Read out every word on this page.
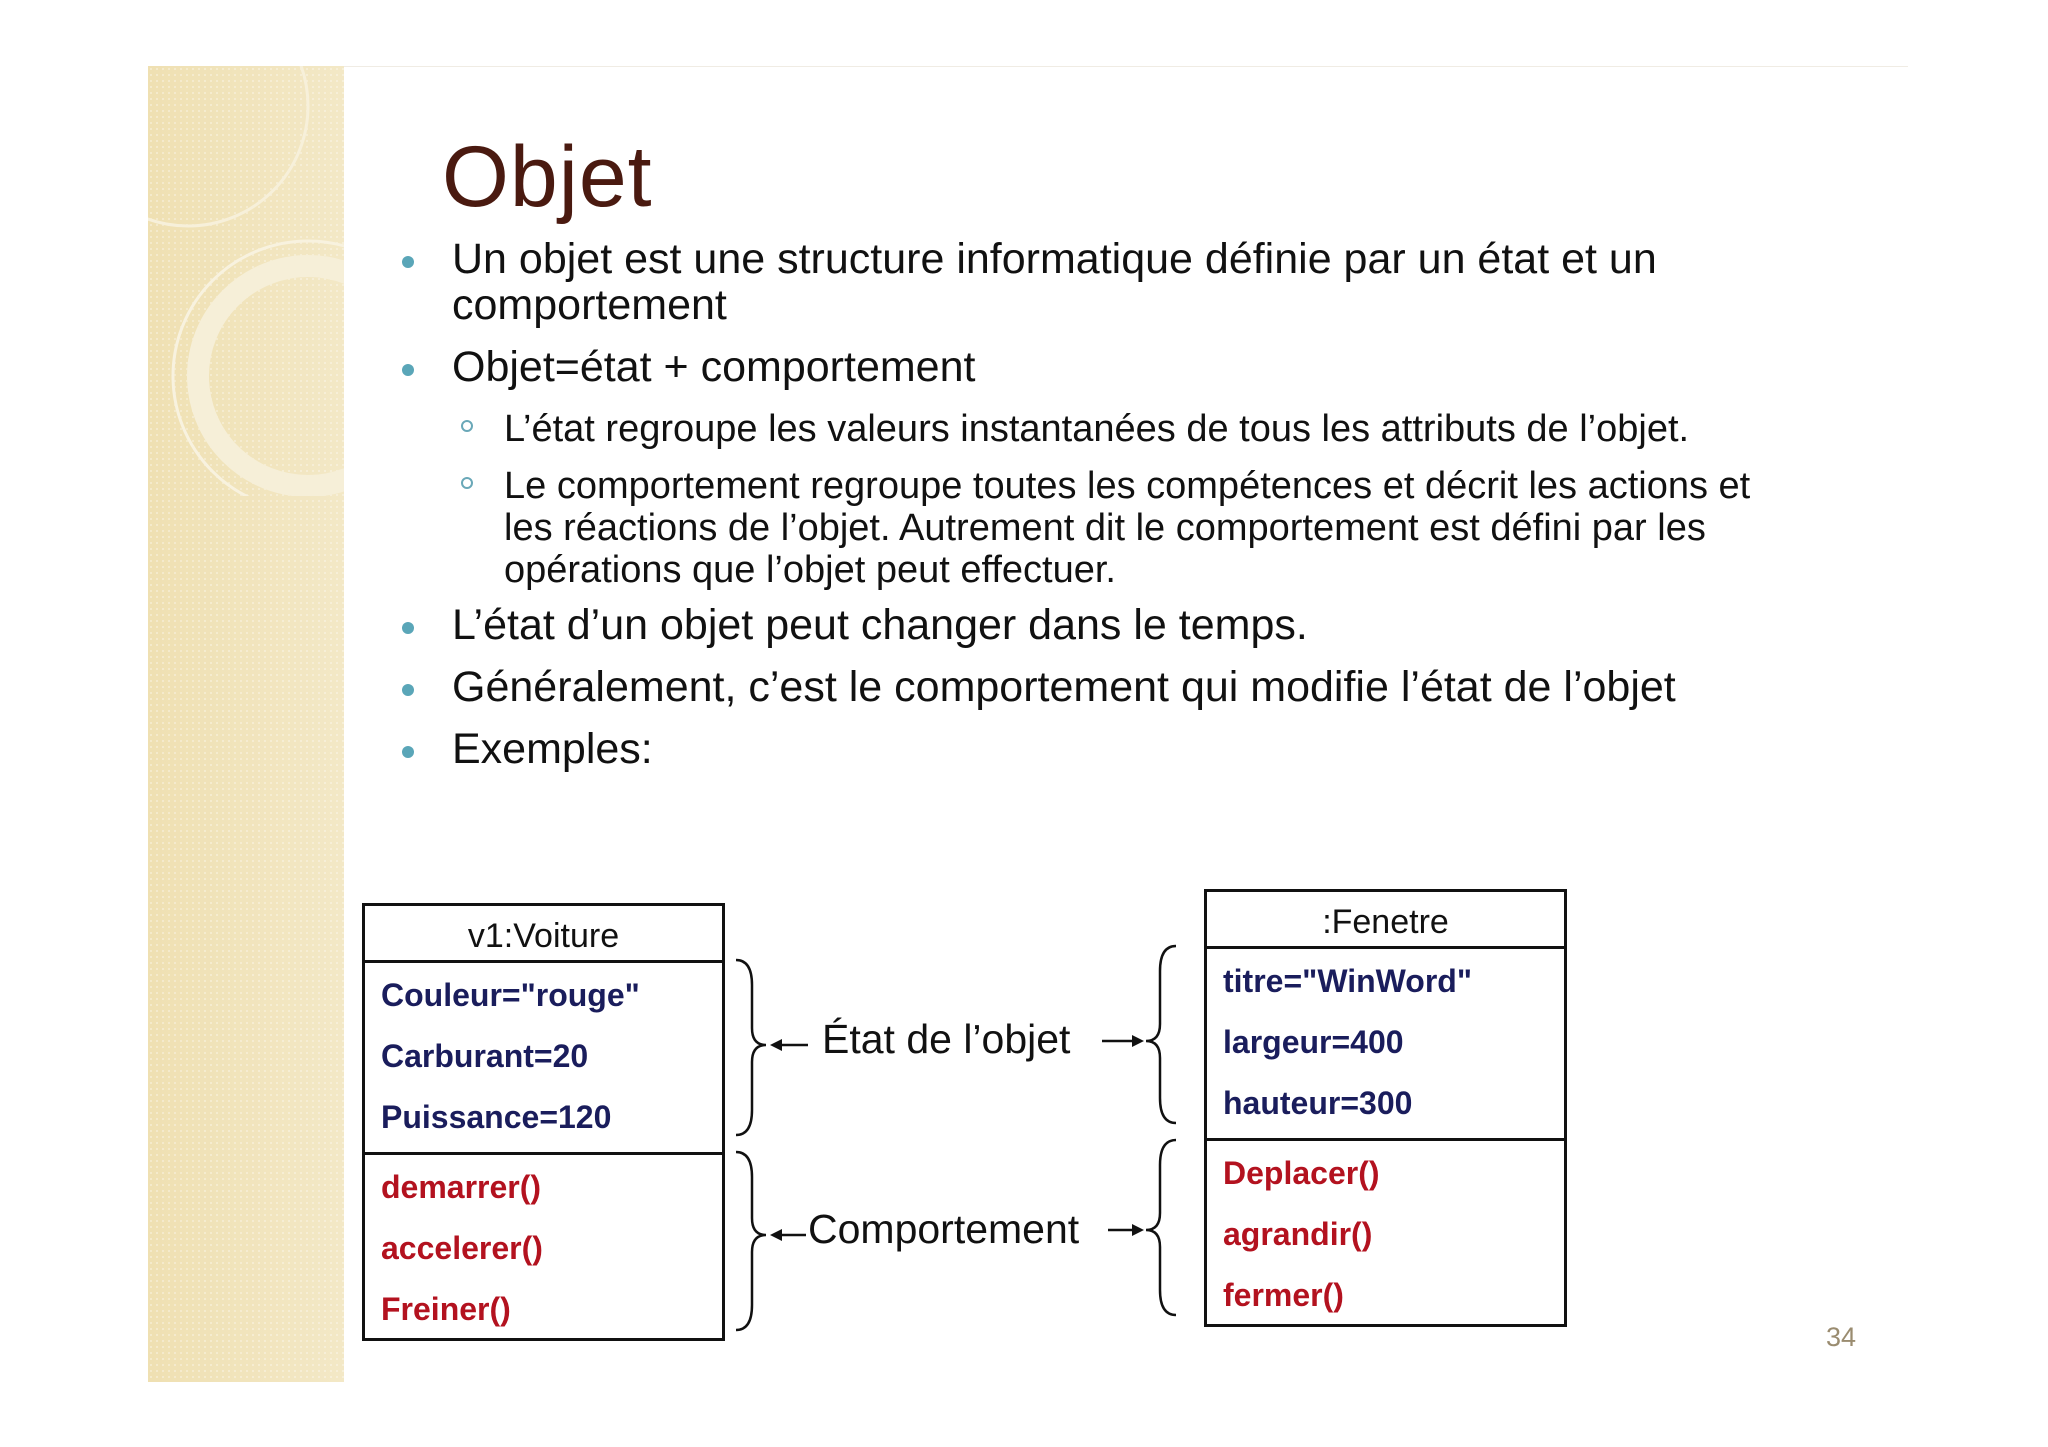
Objet
Un objet est une structure informatique définie par un état et un comportement
Objet=état + comportement
L’état regroupe les valeurs instantanées de tous les attributs de l’objet.
Le comportement regroupe toutes les compétences et décrit les actions et les réactions de l’objet. Autrement dit le comportement est défini par les opérations que l’objet peut effectuer.
L’état d’un objet peut changer dans le temps.
Généralement, c’est le comportement qui modifie l’état de l’objet
Exemples:
v1:Voiture
Couleur="rouge"
Carburant=20
Puissance=120
demarrer()
accelerer()
Freiner()
:Fenetre
titre="WinWord"
largeur=400
hauteur=300
Deplacer()
agrandir()
fermer()
État de l’objet
Comportement
34
